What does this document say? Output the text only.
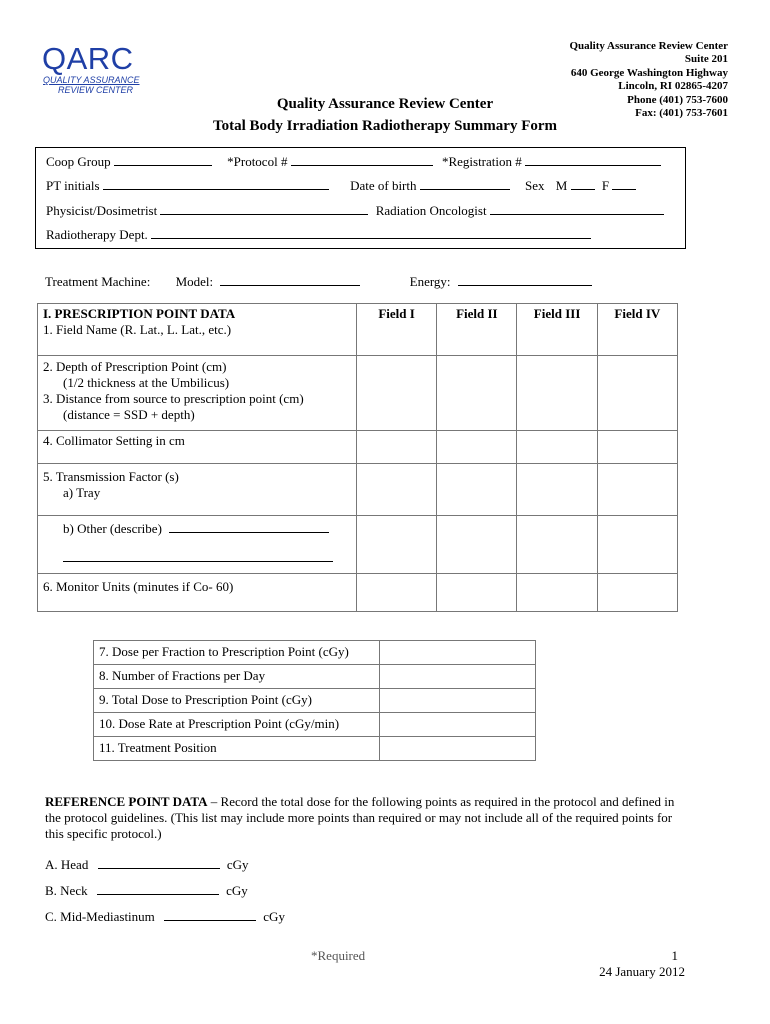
QARC
QUALITY ASSURANCE
REVIEW CENTER
Quality Assurance Review Center
Suite 201
640 George Washington Highway
Lincoln, RI 02865-4207
Phone (401) 753-7600
Fax: (401) 753-7601
Quality Assurance Review Center
Total Body Irradiation Radiotherapy Summary Form
Coop Group	*Protocol #	*Registration #
PT initials	Date of birth	Sex M	F
Physicist/Dosimetrist	Radiation Oncologist
Radiotherapy Dept.
Treatment Machine: Model:	Energy:
I. PRESCRIPTION POINT DATA
1. Field Name (R. Lat., L. Lat., etc.)	Field I	Field II	Field III	Field IV
2. Depth of Prescription Point (cm)
(1/2 thickness at the Umbilicus)
3. Distance from source to prescription point (cm)
(distance = SSD + depth)				

4. Collimator Setting in cm				
5. Transmission Factor (s)
a) Tray				

b) Other (describe)

6. Monitor Units (minutes if Co- 60)				
7. Dose per Fraction to Prescription Point (cGy)	
8. Number of Fractions per Day	
9. Total Dose to Prescription Point (cGy)	
10. Dose Rate at Prescription Point (cGy/min)	
11. Treatment Position	
REFERENCE POINT DATA – Record the total dose for the following points as required in the protocol and defined in the protocol guidelines. (This list may include more points than required or may not include all of the required points for this specific protocol.)
A. Head	cGy
B. Neck	cGy
C. Mid-Mediastinum	cGy
*Required	1
24 January 2012
